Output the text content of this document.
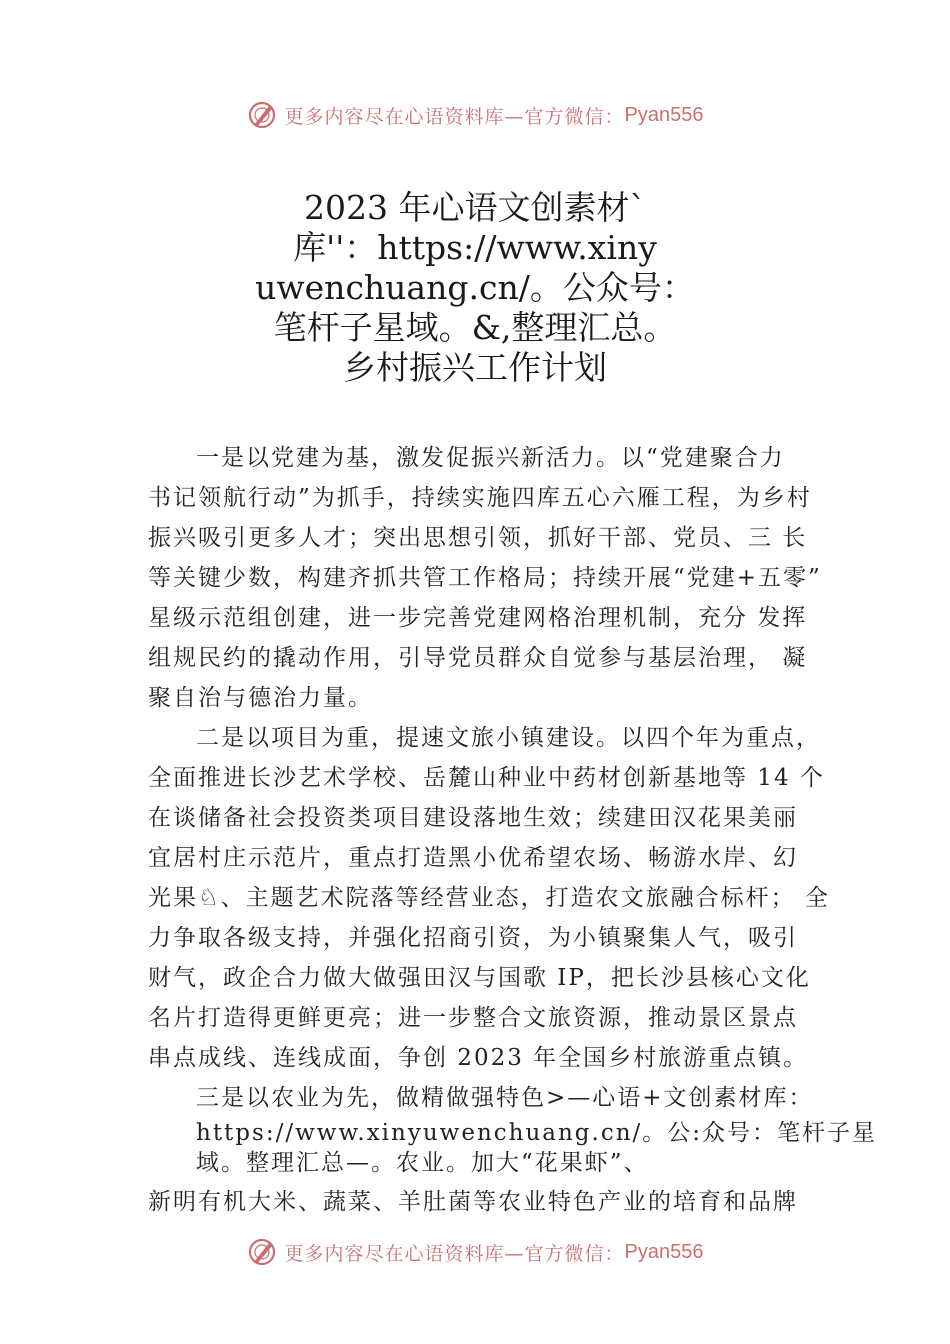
更多内容尽在心语资料库—官方微信： Pyan556
2023 年心语文创素材`
库''：https://www.xiny
uwenchuang.cn/。公众号：
笔杆子星域。&,整理汇总。
乡村振兴工作计划

一是以党建为基，激发促振兴新活力。以“党建聚合力
书记领航行动”为抓手，持续实施四库五心六雁工程，为乡村
振兴吸引更多人才；突出思想引领，抓好干部、党员、三 长
等关键少数，构建齐抓共管工作格局；持续开展“党建+五零”
星级示范组创建，进一步完善党建网格治理机制，充分 发挥
组规民约的撬动作用，引导党员群众自觉参与基层治理， 凝
聚自治与德治力量。

二是以项目为重，提速文旅小镇建设。以四个年为重点，
全面推进长沙艺术学校、岳麓山种业中药材创新基地等 14 个
在谈储备社会投资类项目建设落地生效；续建田汉花果美丽
宜居村庄示范片，重点打造黑小优希望农场、畅游水岸、幻
光果♘、主题艺术院落等经营业态，打造农文旅融合标杆； 全
力争取各级支持，并强化招商引资，为小镇聚集人气，吸引
财气，政企合力做大做强田汉与国歌 IP，把长沙县核心文化
名片打造得更鲜更亮；进一步整合文旅资源，推动景区景点
串点成线、连线成面，争创 2023 年全国乡村旅游重点镇。

三是以农业为先，做精做强特色>—心语+文创素材库：
https://www.xinyuwenchuang.cn/。公:众号：笔杆子星
域。整理汇总—。农业。加大“花果虾”、
新明有机大米、蔬菜、羊肚菌等农业特色产业的培育和品牌

更多内容尽在心语资料库—官方微信： Pyan556
